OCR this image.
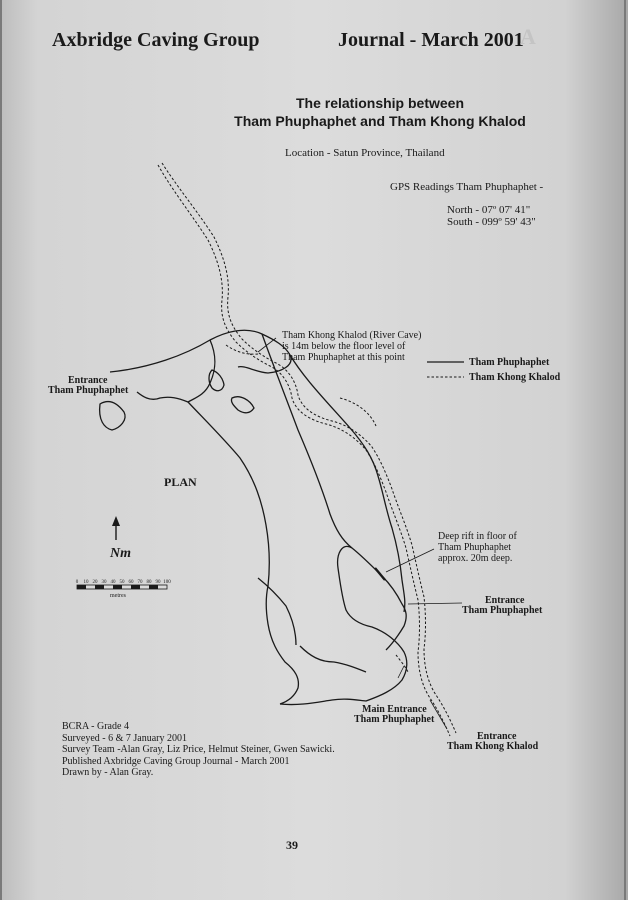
Axbridge Caving Group	Journal - March 2001
A
The relationship between
Tham Phuphaphet and Tham Khong Khalod
Location - Satun Province, Thailand
GPS Readings Tham Phuphaphet -
North - 07º 07' 41"
South - 099º 59' 43"
0 10 20 30 40 50 60 70 80 90 100
metres
Entrance
Tham Phuphaphet
Tham Khong Khalod (River Cave)
is 14m below the floor level of
Tham Phuphaphet at this point	Tham Phuphaphet
Tham Khong Khalod
PLAN
Nm
Deep rift in floor of
Tham Phuphaphet
approx. 20m deep.
Entrance
Tham Phuphaphet
Main Entrance
Tham Phuphaphet
Entrance
Tham Khong Khalod
BCRA - Grade 4
Surveyed - 6 & 7 January 2001
Survey Team -Alan Gray, Liz Price, Helmut Steiner, Gwen Sawicki.
Published Axbridge Caving Group Journal - March 2001
Drawn by - Alan Gray.
39
